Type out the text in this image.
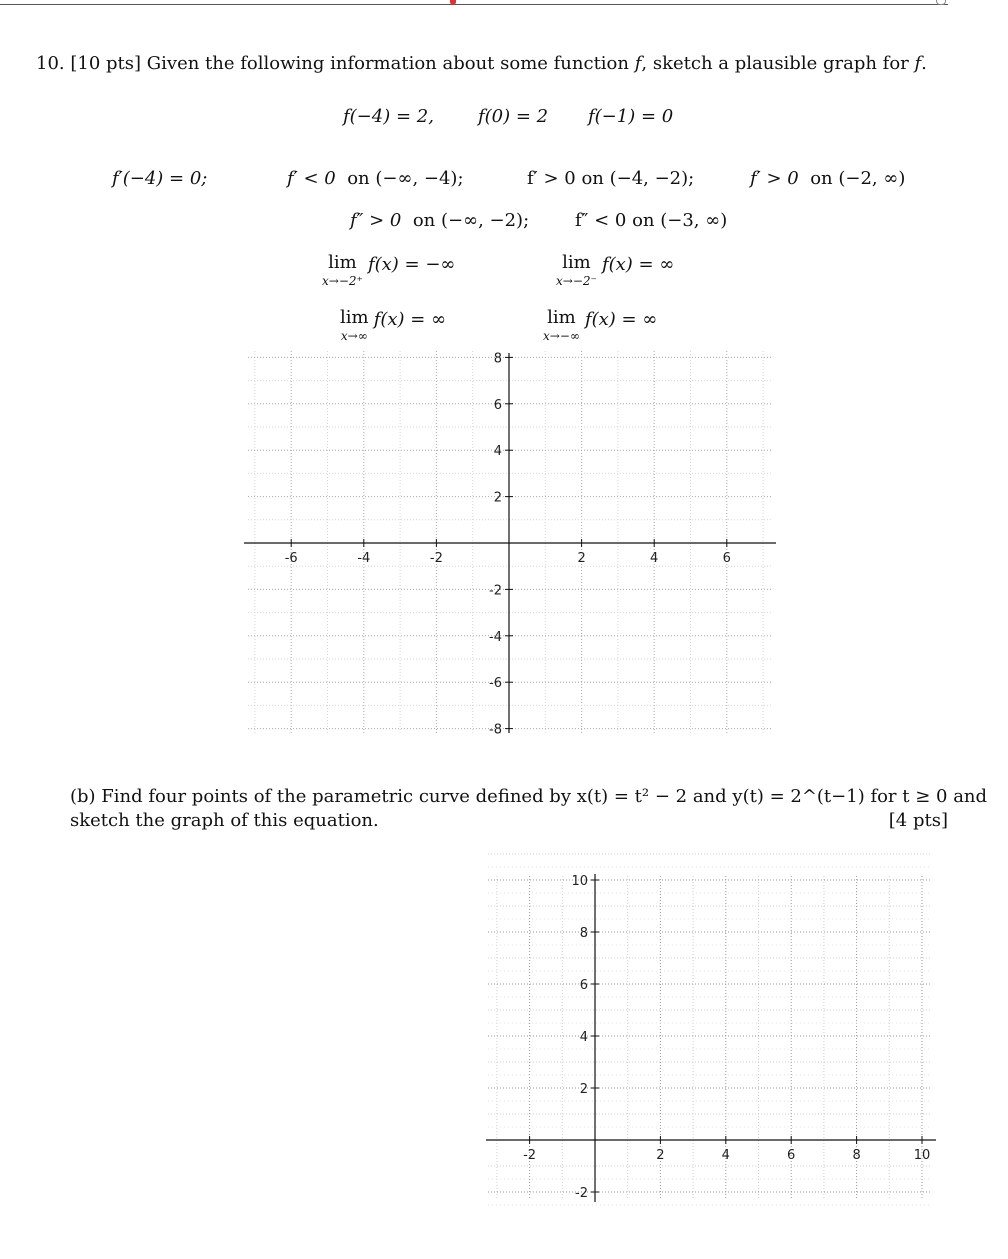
10. [10 pts] Given the following information about some function f, sketch a plausible graph for f.
f(−4) = 2, f(0) = 2 f(−1) = 0
f′(−4) = 0;	f′ < 0 on (−∞, −4);	f′ > 0 on (−4, −2);	f′ > 0 on (−2, ∞)
f″ > 0 on (−∞, −2);	f″ < 0 on (−3, ∞)
lim
x→−2⁺
f(x) = −∞	lim
x→−2⁻
f(x) = ∞
lim
x→∞
f(x) = ∞	lim
x→−∞
f(x) = ∞
-6	-4	-2	2	4	6
8
6
4
2
-2
-4
-6
-8
(b) Find four points of the parametric curve defined by x(t) = t² − 2 and y(t) = 2^(t−1) for t ≥ 0 and
sketch the graph of this equation.	[4 pts]
-2	2	4	6	8	10
10
8
6
4
2
-2
